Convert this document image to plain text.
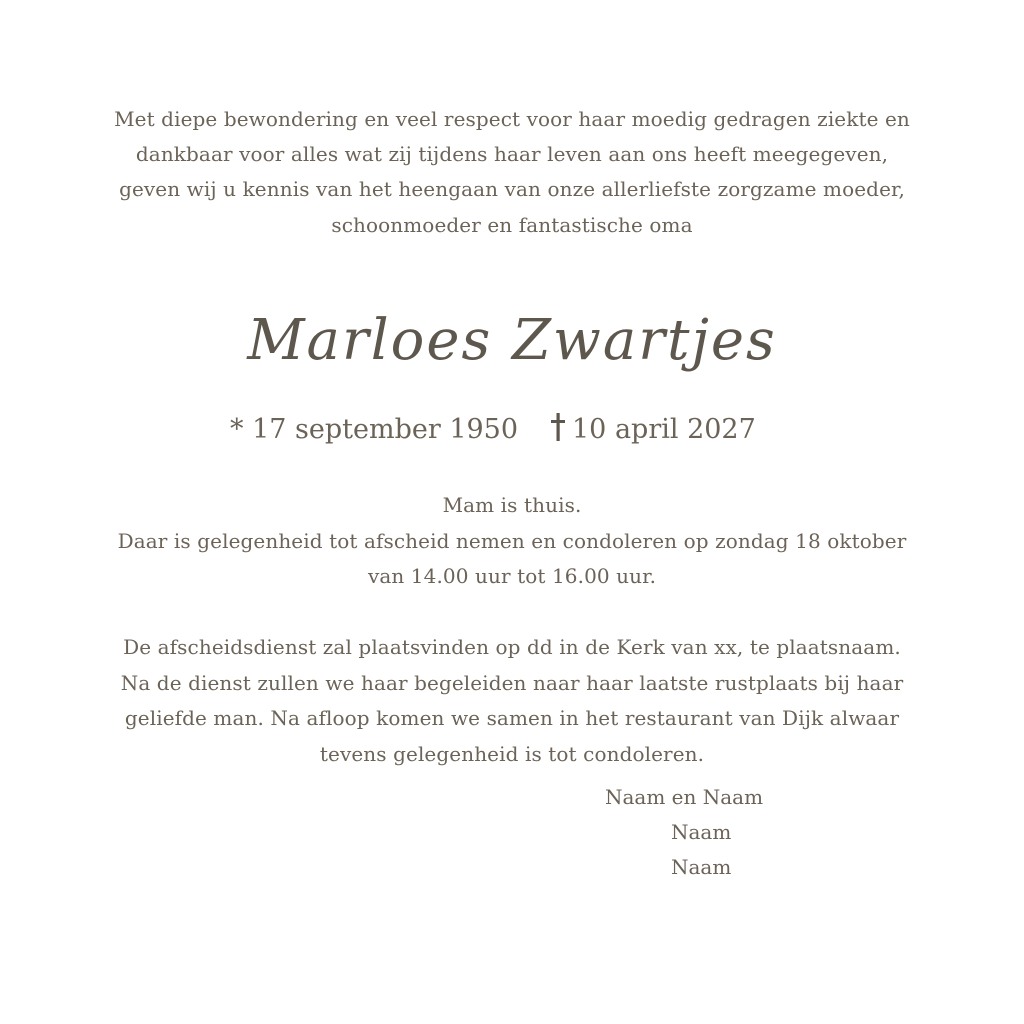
Met diepe bewondering en veel respect voor haar moedig gedragen ziekte en
dankbaar voor alles wat zij tijdens haar leven aan ons heeft meegegeven,
geven wij u kennis van het heengaan van onze allerliefste zorgzame moeder,
schoonmoeder en fantastische oma
Marloes Zwartjes
* 17 september 1950	10 april 2027
Mam is thuis.
Daar is gelegenheid tot afscheid nemen en condoleren op zondag 18 oktober
van 14.00 uur tot 16.00 uur.
De afscheidsdienst zal plaatsvinden op dd in de Kerk van xx, te plaatsnaam.
Na de dienst zullen we haar begeleiden naar haar laatste rustplaats bij haar
geliefde man. Na afloop komen we samen in het restaurant van Dijk alwaar
tevens gelegenheid is tot condoleren.
Naam en Naam
Naam
Naam
